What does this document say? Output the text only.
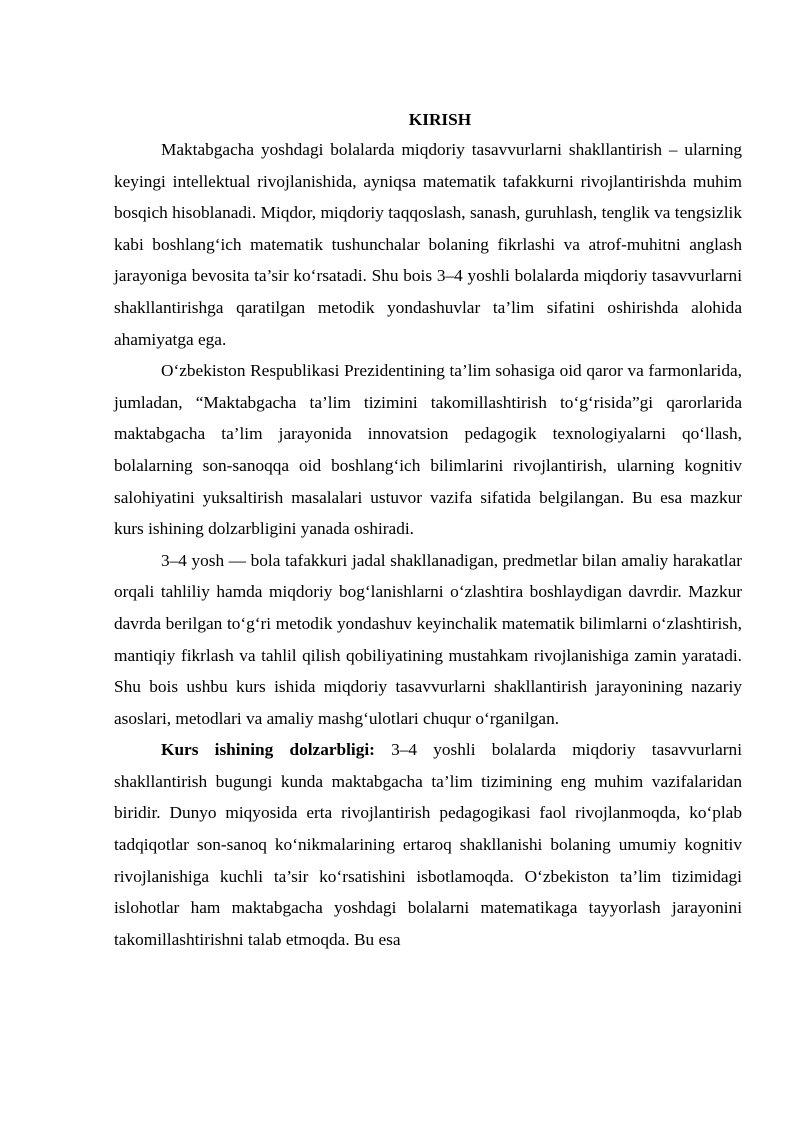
KIRISH

Maktabgacha yoshdagi bolalarda miqdoriy tasavvurlarni shakllantirish – ularning keyingi intellektual rivojlanishida, ayniqsa matematik tafakkurni rivojlantirishda muhim bosqich hisoblanadi. Miqdor, miqdoriy taqqoslash, sanash, guruhlash, tenglik va tengsizlik kabi boshlang‘ich matematik tushunchalar bolaning fikrlashi va atrof-muhitni anglash jarayoniga bevosita ta’sir ko‘rsatadi. Shu bois 3–4 yoshli bolalarda miqdoriy tasavvurlarni shakllantirishga qaratilgan metodik yondashuvlar ta’lim sifatini oshirishda alohida ahamiyatga ega.

O‘zbekiston Respublikasi Prezidentining ta’lim sohasiga oid qaror va farmonlarida, jumladan, “Maktabgacha ta’lim tizimini takomillashtirish to‘g‘risida”gi qarorlarida maktabgacha ta’lim jarayonida innovatsion pedagogik texnologiyalarni qo‘llash, bolalarning son-sanoqqa oid boshlang‘ich bilimlarini rivojlantirish, ularning kognitiv salohiyatini yuksaltirish masalalari ustuvor vazifa sifatida belgilangan. Bu esa mazkur kurs ishining dolzarbligini yanada oshiradi.

3–4 yosh — bola tafakkuri jadal shakllanadigan, predmetlar bilan amaliy harakatlar orqali tahliliy hamda miqdoriy bog‘lanishlarni o‘zlashtira boshlaydigan davrdir. Mazkur davrda berilgan to‘g‘ri metodik yondashuv keyinchalik matematik bilimlarni o‘zlashtirish, mantiqiy fikrlash va tahlil qilish qobiliyatining mustahkam rivojlanishiga zamin yaratadi. Shu bois ushbu kurs ishida miqdoriy tasavvurlarni shakllantirish jarayonining nazariy asoslari, metodlari va amaliy mashg‘ulotlari chuqur o‘rganilgan.

Kurs ishining dolzarbligi: 3–4 yoshli bolalarda miqdoriy tasavvurlarni shakllantirish bugungi kunda maktabgacha ta’lim tizimining eng muhim vazifalaridan biridir. Dunyo miqyosida erta rivojlantirish pedagogikasi faol rivojlanmoqda, ko‘plab tadqiqotlar son-sanoq ko‘nikmalarining ertaroq shakllanishi bolaning umumiy kognitiv rivojlanishiga kuchli ta’sir ko‘rsatishini isbotlamoqda. O‘zbekiston ta’lim tizimidagi islohotlar ham maktabgacha yoshdagi bolalarni matematikaga tayyorlash jarayonini takomillashtirishni talab etmoqda. Bu esa
